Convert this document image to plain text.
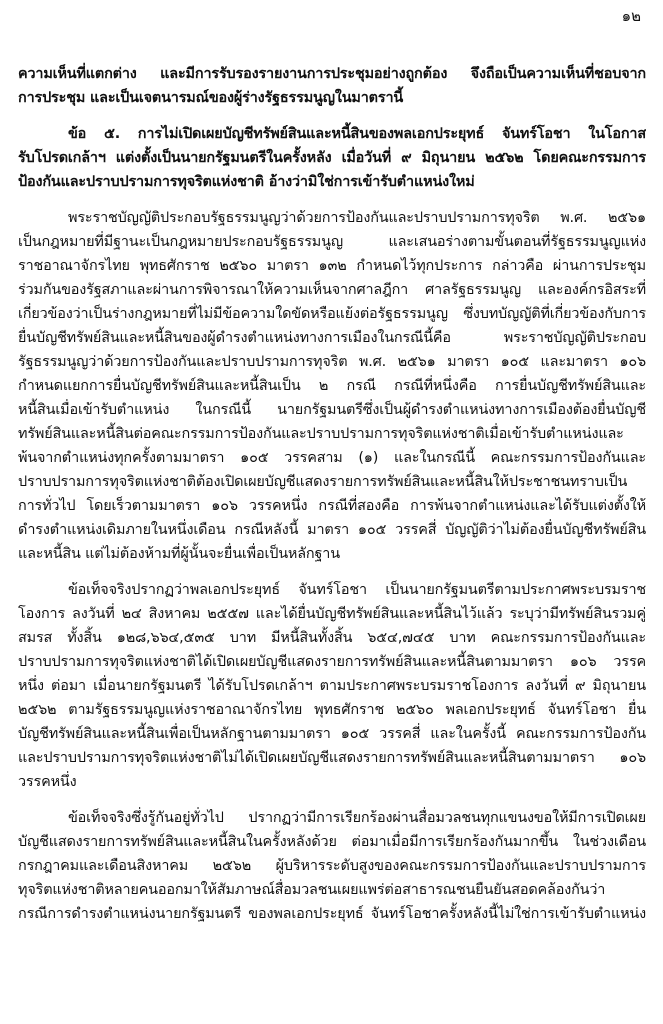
๑๒
ความเห็นที่แตกต่าง และมีการรับรองรายงานการประชุมอย่างถูกต้อง จึงถือเป็นความเห็นที่ชอบจาก
การประชุม และเป็นเจตนารมณ์ของผู้ร่างรัฐธรรมนูญในมาตรานี้
ข้อ ๕. การไม่เปิดเผยบัญชีทรัพย์สินและหนี้สินของพลเอกประยุทธ์ จันทร์โอชา ในโอกาส
รับโปรดเกล้าฯ แต่งตั้งเป็นนายกรัฐมนตรีในครั้งหลัง เมื่อวันที่ ๙ มิถุนายน ๒๕๖๒ โดยคณะกรรมการ
ป้องกันและปราบปรามการทุจริตแห่งชาติ อ้างว่ามิใช่การเข้ารับตำแหน่งใหม่
พระราชบัญญัติประกอบรัฐธรรมนูญว่าด้วยการป้องกันและปราบปรามการทุจริต พ.ศ. ๒๕๖๑
เป็นกฎหมายที่มีฐานะเป็นกฎหมายประกอบรัฐธรรมนูญ และเสนอร่างตามขั้นตอนที่รัฐธรรมนูญแห่ง
ราชอาณาจักรไทย พุทธศักราช ๒๕๖๐ มาตรา ๑๓๒ กำหนดไว้ทุกประการ กล่าวคือ ผ่านการประชุม
ร่วมกันของรัฐสภาและผ่านการพิจารณาให้ความเห็นจากศาลฎีกา ศาลรัฐธรรมนูญ และองค์กรอิสระที่
เกี่ยวข้องว่าเป็นร่างกฎหมายที่ไม่มีข้อความใดขัดหรือแย้งต่อรัฐธรรมนูญ ซึ่งบทบัญญัติที่เกี่ยวข้องกับการ
ยื่นบัญชีทรัพย์สินและหนี้สินของผู้ดำรงตำแหน่งทางการเมืองในกรณีนี้คือ พระราชบัญญัติประกอบ
รัฐธรรมนูญว่าด้วยการป้องกันและปราบปรามการทุจริต พ.ศ. ๒๕๖๑ มาตรา ๑๐๕ และมาตรา ๑๐๖
กำหนดแยกการยื่นบัญชีทรัพย์สินและหนี้สินเป็น ๒ กรณี กรณีที่หนึ่งคือ การยื่นบัญชีทรัพย์สินและ
หนี้สินเมื่อเข้ารับตำแหน่ง ในกรณีนี้ นายกรัฐมนตรีซึ่งเป็นผู้ดำรงตำแหน่งทางการเมืองต้องยื่นบัญชี
ทรัพย์สินและหนี้สินต่อคณะกรรมการป้องกันและปราบปรามการทุจริตแห่งชาติเมื่อเข้ารับตำแหน่งและ
พ้นจากตำแหน่งทุกครั้งตามมาตรา ๑๐๕ วรรคสาม (๑) และในกรณีนี้ คณะกรรมการป้องกันและ
ปราบปรามการทุจริตแห่งชาติต้องเปิดเผยบัญชีแสดงรายการทรัพย์สินและหนี้สินให้ประชาชนทราบเป็น
การทั่วไป โดยเร็วตามมาตรา ๑๐๖ วรรคหนึ่ง กรณีที่สองคือ การพ้นจากตำแหน่งและได้รับแต่งตั้งให้
ดำรงตำแหน่งเดิมภายในหนึ่งเดือน กรณีหลังนี้ มาตรา ๑๐๕ วรรคสี่ บัญญัติว่าไม่ต้องยื่นบัญชีทรัพย์สิน
และหนี้สิน แต่ไม่ต้องห้ามที่ผู้นั้นจะยื่นเพื่อเป็นหลักฐาน
ข้อเท็จจริงปรากฏว่าพลเอกประยุทธ์ จันทร์โอชา เป็นนายกรัฐมนตรีตามประกาศพระบรมราช
โองการ ลงวันที่ ๒๔ สิงหาคม ๒๕๕๗ และได้ยื่นบัญชีทรัพย์สินและหนี้สินไว้แล้ว ระบุว่ามีทรัพย์สินรวมคู่
สมรส ทั้งสิ้น ๑๒๘,๖๖๔,๕๓๕ บาท มีหนี้สินทั้งสิ้น ๖๕๔,๗๔๕ บาท คณะกรรมการป้องกันและ
ปราบปรามการทุจริตแห่งชาติได้เปิดเผยบัญชีแสดงรายการทรัพย์สินและหนี้สินตามมาตรา ๑๐๖ วรรค
หนึ่ง ต่อมา เมื่อนายกรัฐมนตรี ได้รับโปรดเกล้าฯ ตามประกาศพระบรมราชโองการ ลงวันที่ ๙ มิถุนายน
๒๕๖๒ ตามรัฐธรรมนูญแห่งราชอาณาจักรไทย พุทธศักราช ๒๕๖๐ พลเอกประยุทธ์ จันทร์โอชา ยื่น
บัญชีทรัพย์สินและหนี้สินเพื่อเป็นหลักฐานตามมาตรา ๑๐๕ วรรคสี่ และในครั้งนี้ คณะกรรมการป้องกัน
และปราบปรามการทุจริตแห่งชาติไม่ได้เปิดเผยบัญชีแสดงรายการทรัพย์สินและหนี้สินตามมาตรา ๑๐๖
วรรคหนึ่ง
ข้อเท็จจริงซึ่งรู้กันอยู่ทั่วไป ปรากฏว่ามีการเรียกร้องผ่านสื่อมวลชนทุกแขนงขอให้มีการเปิดเผย
บัญชีแสดงรายการทรัพย์สินและหนี้สินในครั้งหลังด้วย ต่อมาเมื่อมีการเรียกร้องกันมากขึ้น ในช่วงเดือน
กรกฎาคมและเดือนสิงหาคม ๒๕๖๒ ผู้บริหารระดับสูงของคณะกรรมการป้องกันและปราบปรามการ
ทุจริตแห่งชาติหลายคนออกมาให้สัมภาษณ์สื่อมวลชนเผยแพร่ต่อสาธารณชนยืนยันสอดคล้องกันว่า
กรณีการดำรงตำแหน่งนายกรัฐมนตรี ของพลเอกประยุทธ์ จันทร์โอชาครั้งหลังนี้ไม่ใช่การเข้ารับตำแหน่ง
